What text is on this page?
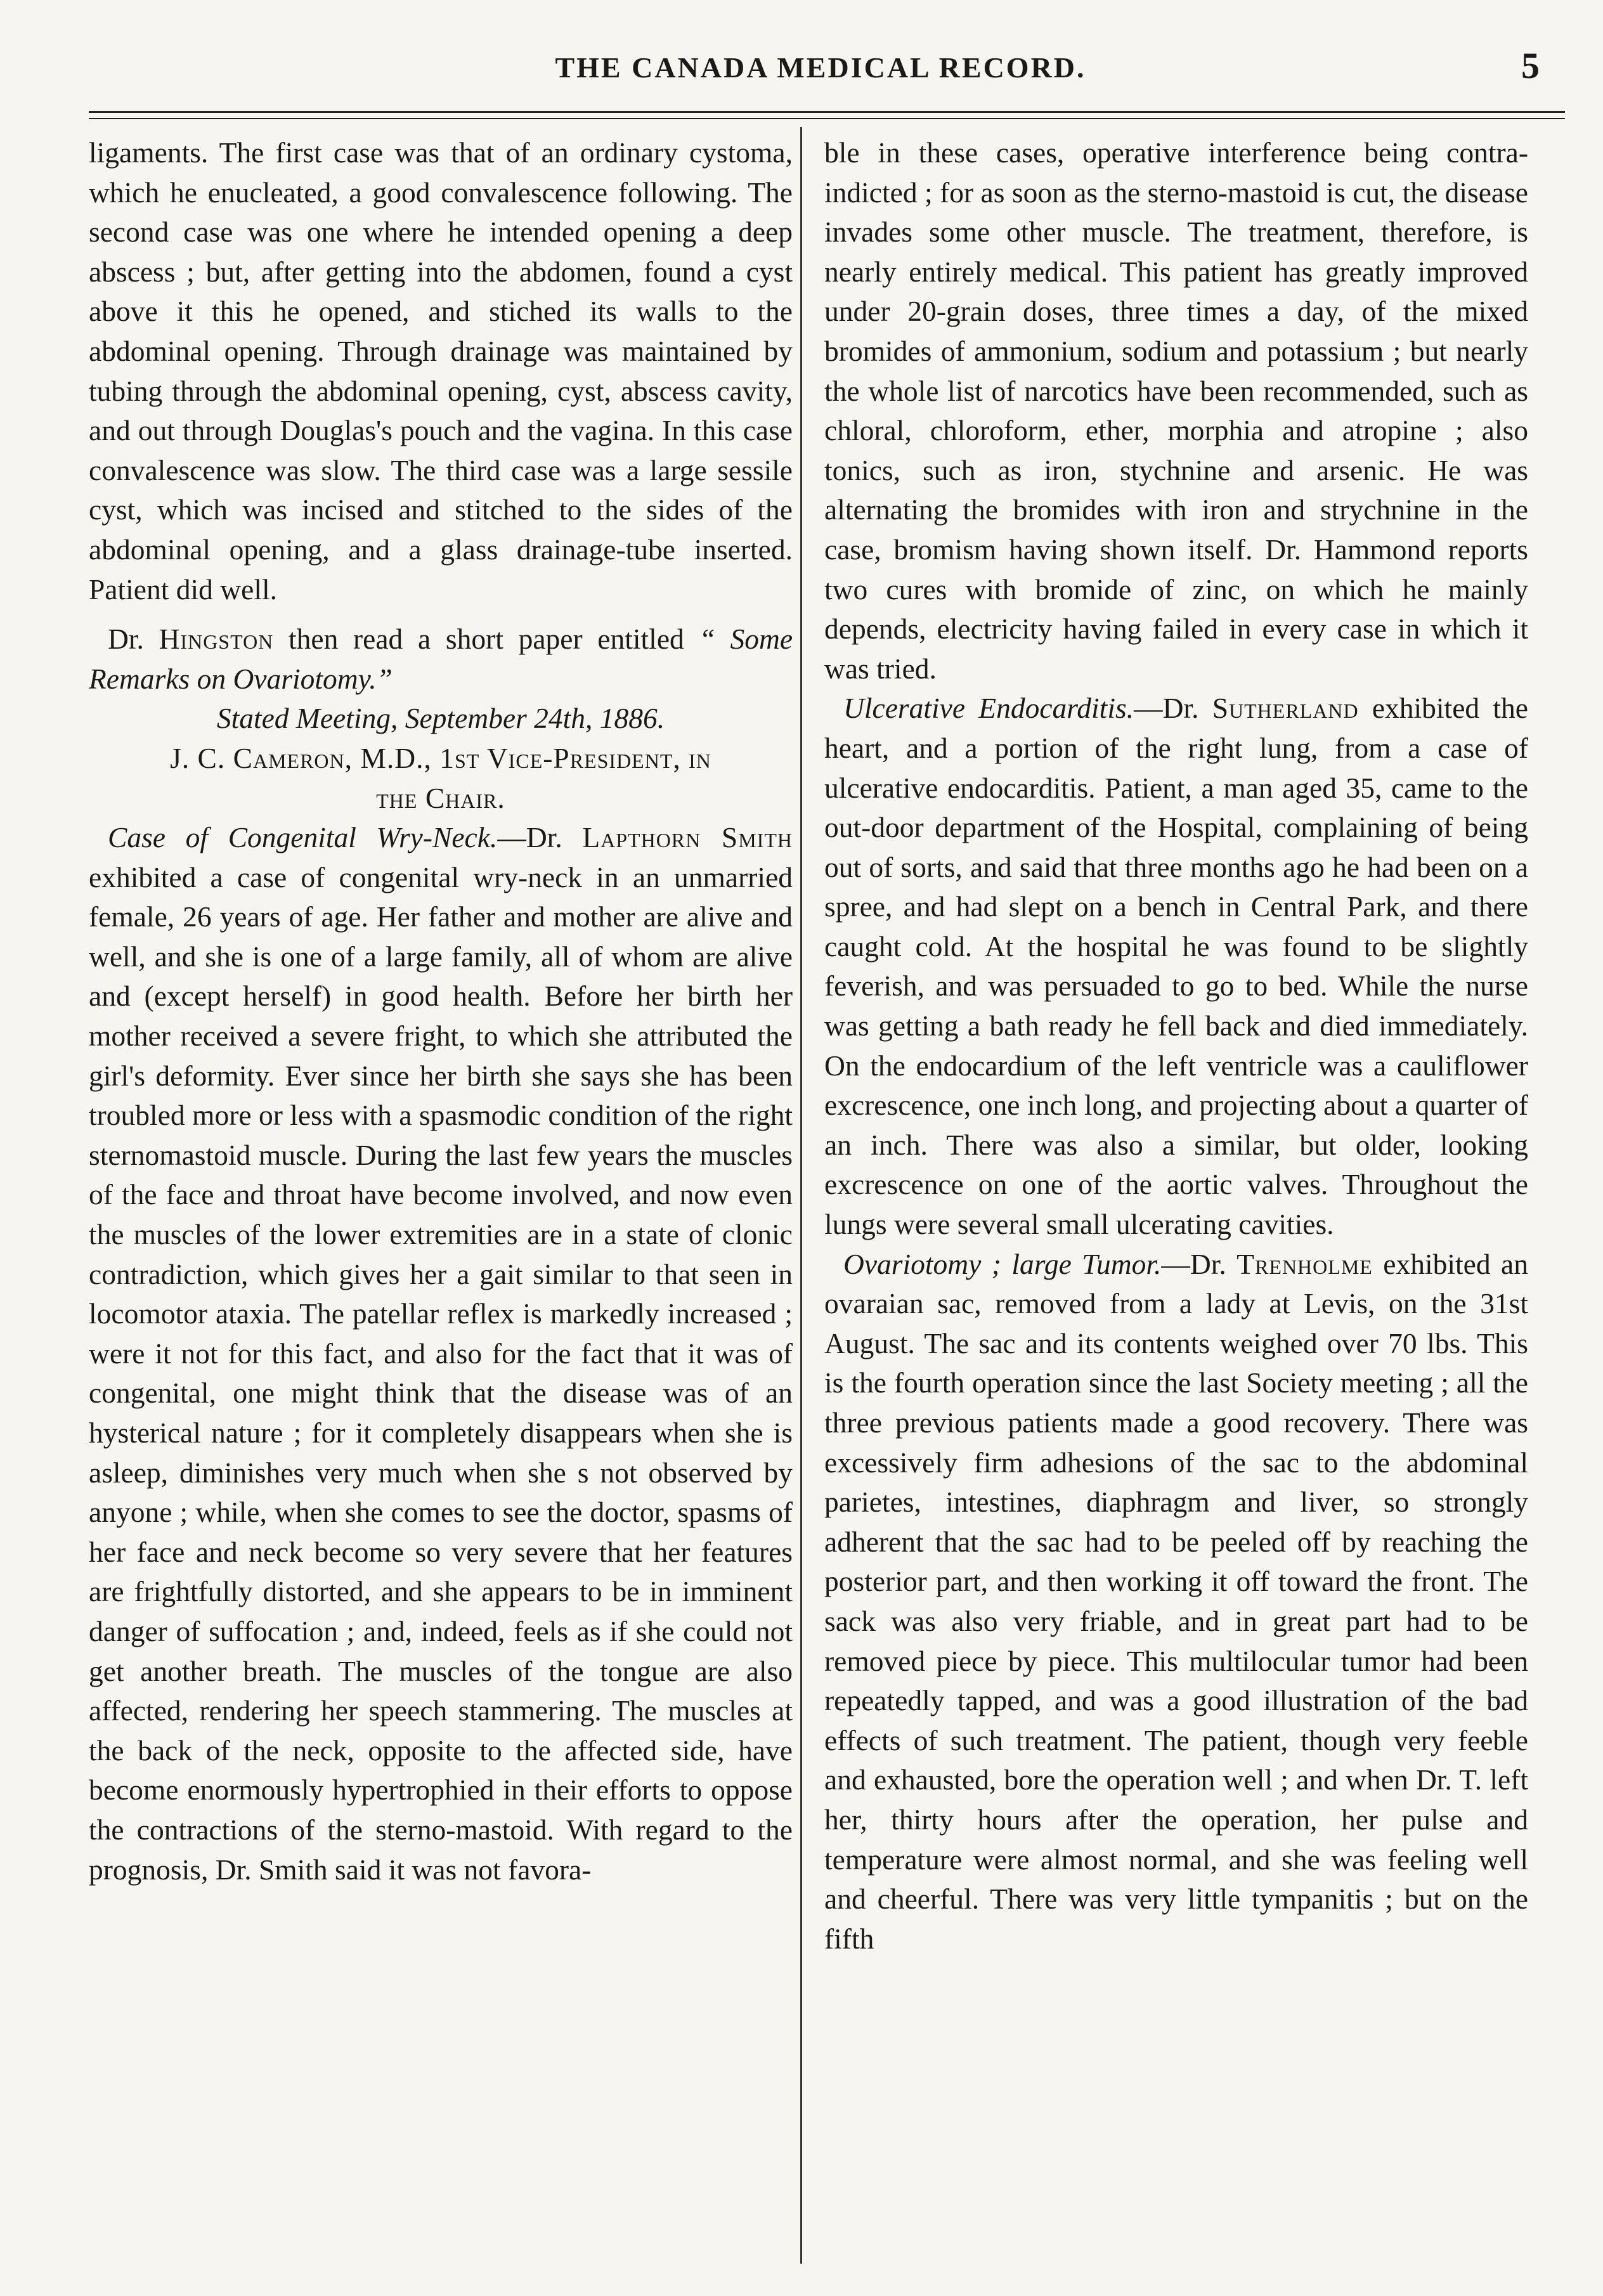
THE CANADA MEDICAL RECORD.	5

ligaments. The first case was that of an ordinary cystoma, which he enucleated, a good convalescence following. The second case was one where he intended opening a deep abscess ; but, after getting into the abdomen, found a cyst above it this he opened, and stiched its walls to the abdominal opening. Through drainage was maintained by tubing through the abdominal opening, cyst, abscess cavity, and out through Douglas's pouch and the vagina. In this case convalescence was slow. The third case was a large sessile cyst, which was incised and stitched to the sides of the abdominal opening, and a glass drainage-tube inserted. Patient did well.

Dr. Hingston then read a short paper entitled “ Some Remarks on Ovariotomy.”

Stated Meeting, September 24th, 1886.

J. C. Cameron, M.D., 1st Vice-President, in

the Chair.

Case of Congenital Wry-Neck.—Dr. Lapthorn Smith exhibited a case of congenital wry-neck in an unmarried female, 26 years of age. Her father and mother are alive and well, and she is one of a large family, all of whom are alive and (except herself) in good health. Before her birth her mother received a severe fright, to which she attributed the girl's deformity. Ever since her birth she says she has been troubled more or less with a spasmodic condition of the right sternomastoid muscle. During the last few years the muscles of the face and throat have become involved, and now even the muscles of the lower extremities are in a state of clonic contradiction, which gives her a gait similar to that seen in locomotor ataxia. The patellar reflex is markedly increased ; were it not for this fact, and also for the fact that it was of congenital, one might think that the disease was of an hysterical nature ; for it completely disappears when she is asleep, diminishes very much when she s not observed by anyone ; while, when she comes to see the doctor, spasms of her face and neck become so very severe that her features are frightfully distorted, and she appears to be in imminent danger of suffocation ; and, indeed, feels as if she could not get another breath. The muscles of the tongue are also affected, rendering her speech stammering. The muscles at the back of the neck, opposite to the affected side, have become enormously hypertrophied in their efforts to oppose the contractions of the sterno-mastoid. With regard to the prognosis, Dr. Smith said it was not favora-

ble in these cases, operative interference being contra-indicted ; for as soon as the sterno-mastoid is cut, the disease invades some other muscle. The treatment, therefore, is nearly entirely medical. This patient has greatly improved under 20-grain doses, three times a day, of the mixed bromides of ammonium, sodium and potassium ; but nearly the whole list of narcotics have been recommended, such as chloral, chloroform, ether, morphia and atropine ; also tonics, such as iron, stychnine and arsenic. He was alternating the bromides with iron and strychnine in the case, bromism having shown itself. Dr. Hammond reports two cures with bromide of zinc, on which he mainly depends, electricity having failed in every case in which it was tried.

Ulcerative Endocarditis.—Dr. Sutherland exhibited the heart, and a portion of the right lung, from a case of ulcerative endocarditis. Patient, a man aged 35, came to the out-door department of the Hospital, complaining of being out of sorts, and said that three months ago he had been on a spree, and had slept on a bench in Central Park, and there caught cold. At the hospital he was found to be slightly feverish, and was persuaded to go to bed. While the nurse was getting a bath ready he fell back and died immediately. On the endocardium of the left ventricle was a cauliflower excrescence, one inch long, and projecting about a quarter of an inch. There was also a similar, but older, looking excrescence on one of the aortic valves. Throughout the lungs were several small ulcerating cavities.

Ovariotomy ; large Tumor.—Dr. Trenholme exhibited an ovaraian sac, removed from a lady at Levis, on the 31st August. The sac and its contents weighed over 70 lbs. This is the fourth operation since the last Society meeting ; all the three previous patients made a good recovery. There was excessively firm adhesions of the sac to the abdominal parietes, intestines, diaphragm and liver, so strongly adherent that the sac had to be peeled off by reaching the posterior part, and then working it off toward the front. The sack was also very friable, and in great part had to be removed piece by piece. This multilocular tumor had been repeatedly tapped, and was a good illustration of the bad effects of such treatment. The patient, though very feeble and exhausted, bore the operation well ; and when Dr. T. left her, thirty hours after the operation, her pulse and temperature were almost normal, and she was feeling well and cheerful. There was very little tympanitis ; but on the fifth
